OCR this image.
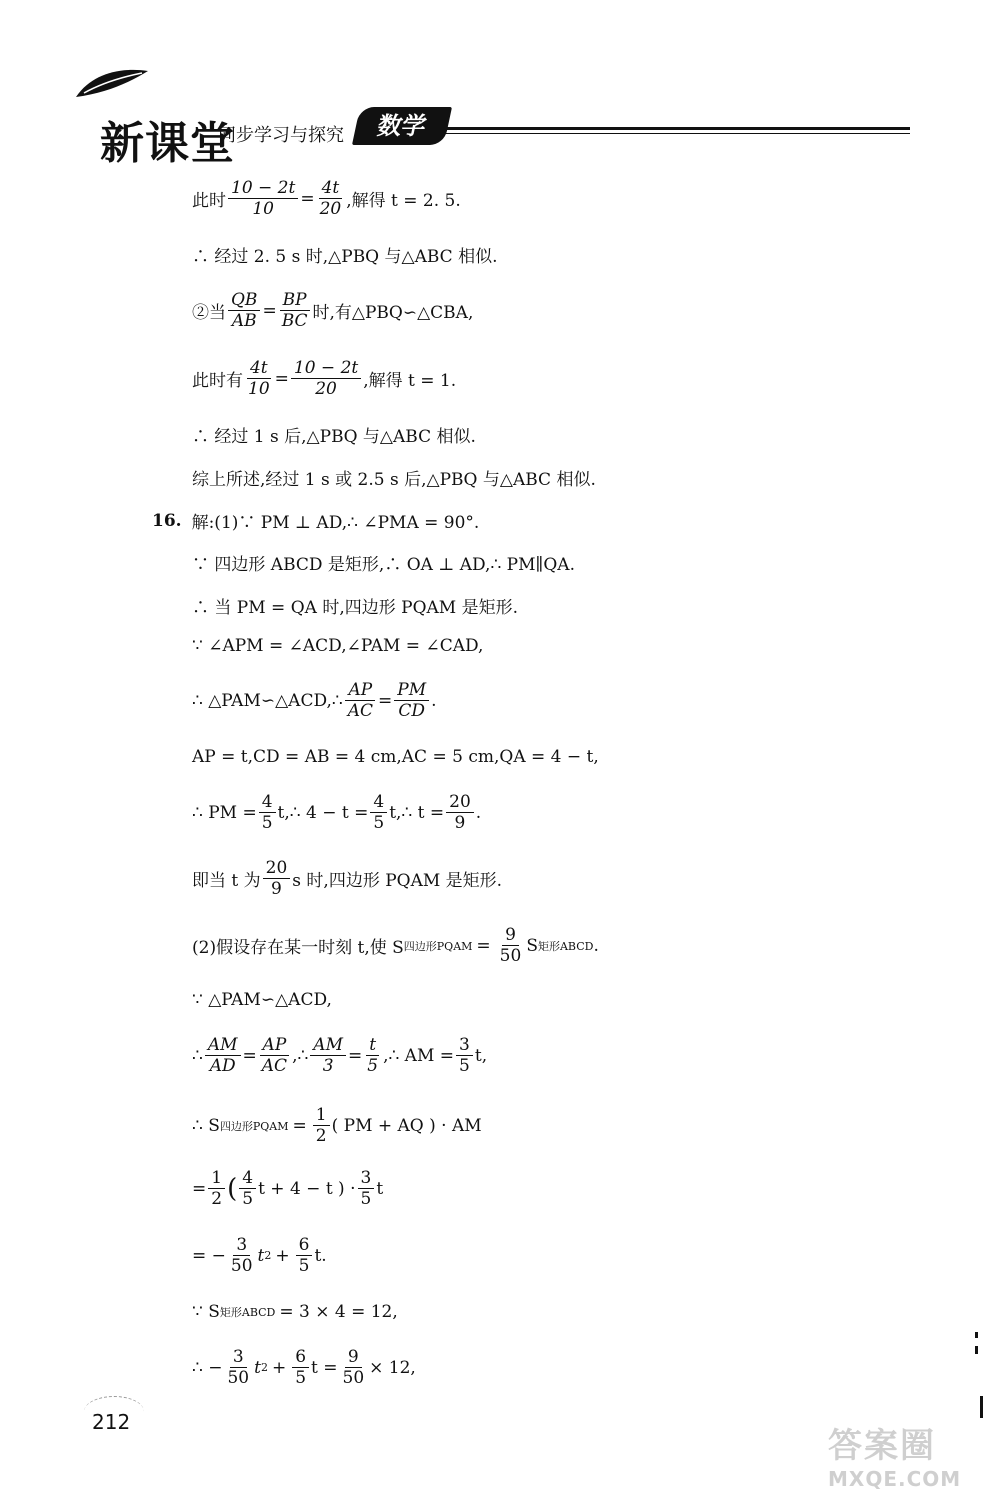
新课堂
同步学习与探究	数学
此时 $\frac{10 - 2t}{10} = \frac{4t}{20}$ ,解得 t = 2. 5.
∴ 经过 2. 5 s 时,△PBQ 与△ABC 相似.
②当 $\frac{QB}{AB} = \frac{BP}{BC}$ 时,有△PBQ∽△CBA,
此时有 $\frac{4t}{10} = \frac{10 - 2t}{20}$ ,解得 t = 1.
∴ 经过 1 s 后,△PBQ 与△ABC 相似.
综上所述,经过 1 s 或 2.5 s 后,△PBQ 与△ABC 相似.
16. 解:(1)∵ PM ⊥ AD,∴ ∠PMA = 90°.
∵ 四边形 ABCD 是矩形,∴ OA ⊥ AD,∴ PM∥QA.
∴ 当 PM = QA 时,四边形 PQAM 是矩形.
∵ ∠APM = ∠ACD,∠PAM = ∠CAD,
∴ △PAM∽△ACD,∴ $\frac{AP}{AC} = \frac{PM}{CD}$ .
AP = t,CD = AB = 4 cm,AC = 5 cm,QA = 4 − t,
∴ PM = $\frac{4}{5}$ t,∴ $4 - t = \frac{4}{5}$ t,∴ $t = \frac{20}{9}$ .
即当 t 为 $\frac{20}{9}$ s 时,四边形 PQAM 是矩形.
(2)假设存在某一时刻 t,使 S 四边形PQAM = $\frac{9}{50}$ S 矩形ABCD .
∵ △PAM∽△ACD,
∴ $\frac{AM}{AD} = \frac{AP}{AC}$ ,∴ $\frac{AM}{3} = \frac{t}{5}$ ,∴ AM = $\frac{3}{5} t$,
∴ S 四边形PQAM = $\frac{1}{2}$ ( PM + AQ ) · AM
= $\frac{1}{2}$ ( $\frac{4}{5}$ t + 4 − t ) · $\frac{3}{5}$ t
= − $\frac{3}{50}$ t $2 + \frac{6}{5} t$.
∵ S 矩形ABCD = 3 × 4 = 12,
∴ − $\frac{3}{50}$ t $2 + \frac{6}{5}$ $t = \frac{9}{50} \times 12$,
212
答案圈
MXQE.COM
